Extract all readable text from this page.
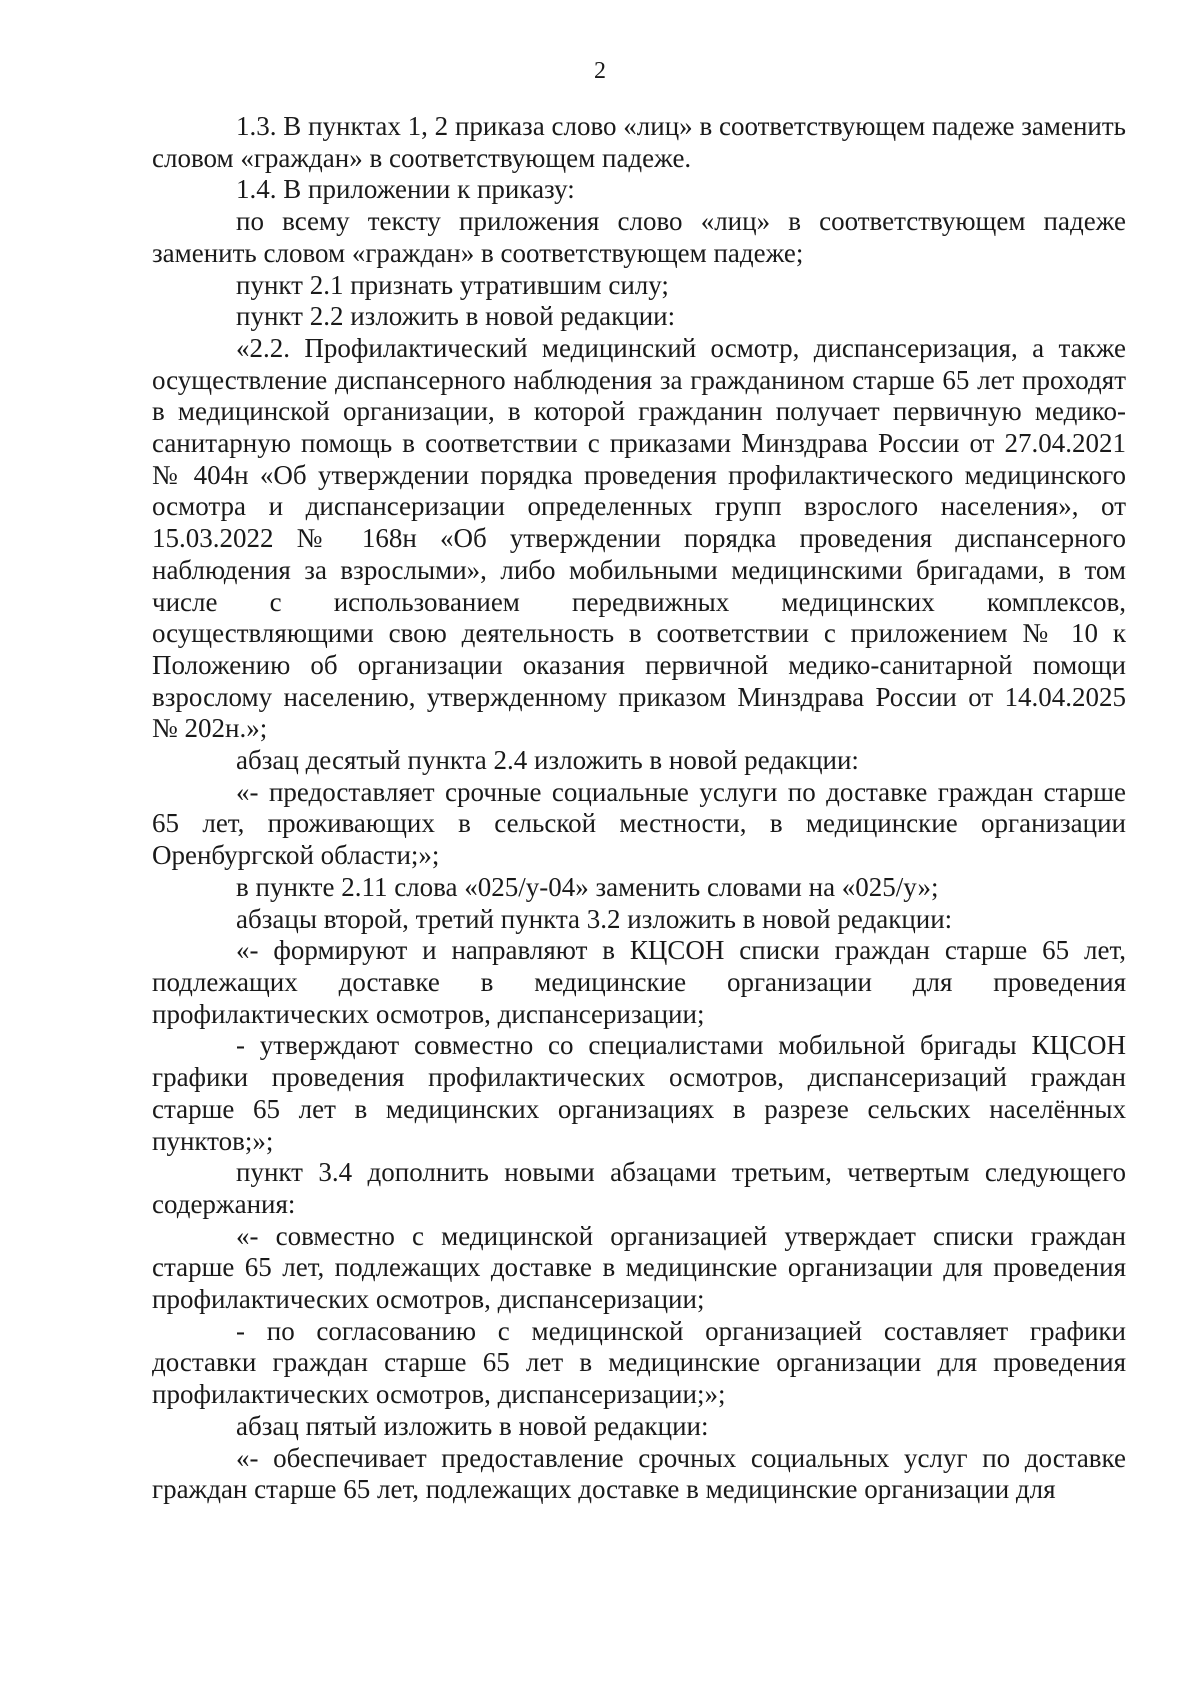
2

1.3. В пунктах 1, 2 приказа слово «лиц» в соответствующем падеже заменить словом «граждан» в соответствующем падеже.

1.4. В приложении к приказу:

по всему тексту приложения слово «лиц» в соответствующем падеже заменить словом «граждан» в соответствующем падеже;

пункт 2.1 признать утратившим силу;

пункт 2.2 изложить в новой редакции:

«2.2. Профилактический медицинский осмотр, диспансеризация, а также осуществление диспансерного наблюдения за гражданином старше 65 лет проходят в медицинской организации, в которой гражданин получает первичную медико-санитарную помощь в соответствии с приказами Минздрава России от 27.04.2021 № 404н «Об утверждении порядка проведения профилактического медицинского осмотра и диспансеризации определенных групп взрослого населения», от 15.03.2022 № 168н «Об утверждении порядка проведения диспансерного наблюдения за взрослыми», либо мобильными медицинскими бригадами, в том числе с использованием передвижных медицинских комплексов, осуществляющими свою деятельность в соответствии с приложением № 10 к Положению об организации оказания первичной медико-санитарной помощи взрослому населению, утвержденному приказом Минздрава России от 14.04.2025 № 202н.»;

абзац десятый пункта 2.4 изложить в новой редакции:

«- предоставляет срочные социальные услуги по доставке граждан старше 65 лет, проживающих в сельской местности, в медицинские организации Оренбургской области;»;

в пункте 2.11 слова «025/у-04» заменить словами на «025/у»;

абзацы второй, третий пункта 3.2 изложить в новой редакции:

«- формируют и направляют в КЦСОН списки граждан старше 65 лет, подлежащих доставке в медицинские организации для проведения профилактических осмотров, диспансеризации;

- утверждают совместно со специалистами мобильной бригады КЦСОН графики проведения профилактических осмотров, диспансеризаций граждан старше 65 лет в медицинских организациях в разрезе сельских населённых пунктов;»;

пункт 3.4 дополнить новыми абзацами третьим, четвертым следующего содержания:

«- совместно с медицинской организацией утверждает списки граждан старше 65 лет, подлежащих доставке в медицинские организации для проведения профилактических осмотров, диспансеризации;

- по согласованию с медицинской организацией составляет графики доставки граждан старше 65 лет в медицинские организации для проведения профилактических осмотров, диспансеризации;»;

абзац пятый изложить в новой редакции:

«- обеспечивает предоставление срочных социальных услуг по доставке граждан старше 65 лет, подлежащих доставке в медицинские организации для
